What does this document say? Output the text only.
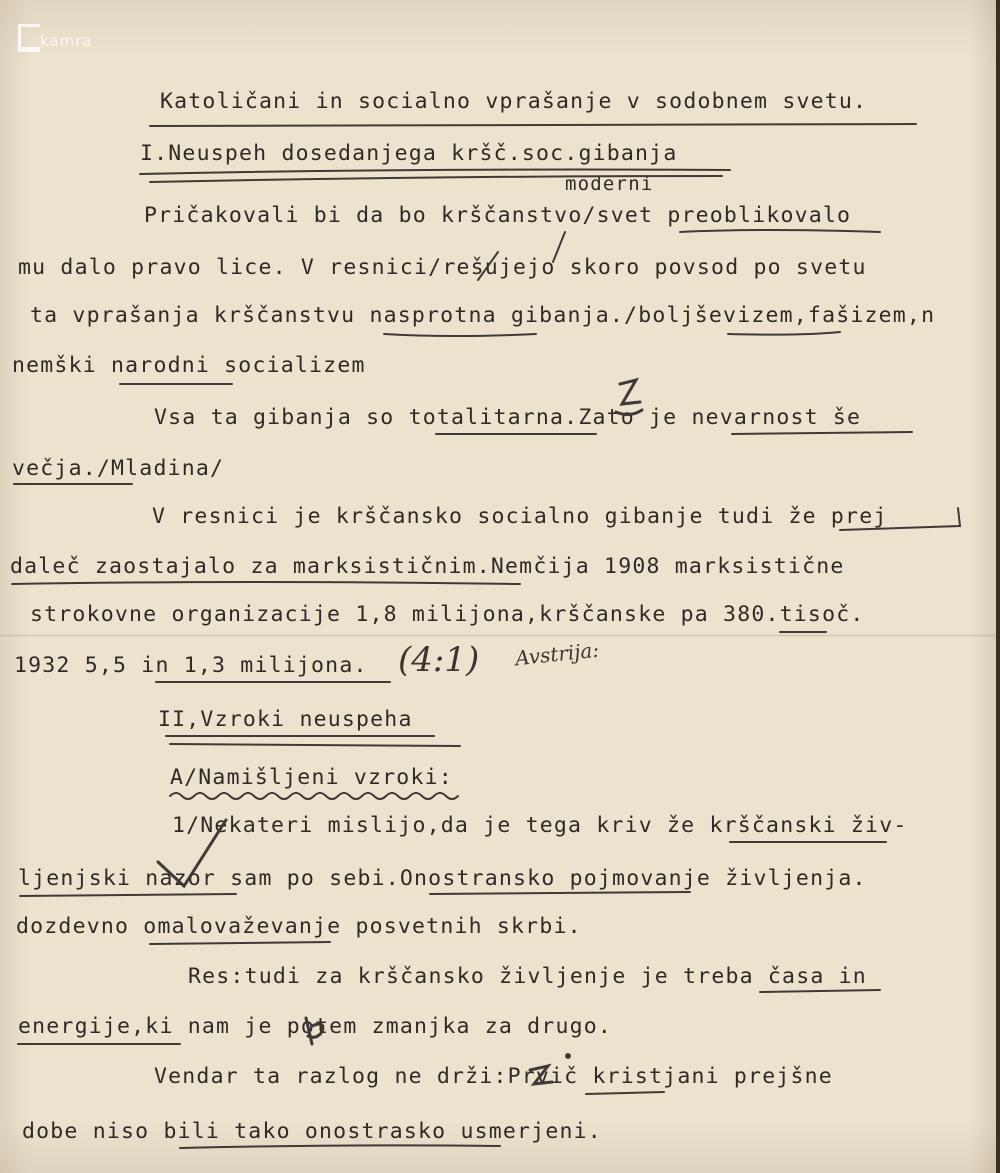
kamra
Katoličani in socialno vprašanje v sodobnem svetu.
I.Neuspeh dosedanjega kršč.soc.gibanja
moderni
Pričakovali bi da bo krščanstvo/svet preoblikovalo
mu dalo pravo lice. V resnici/rešujejo skoro povsod po svetu
ta vprašanja krščanstvu nasprotna gibanja./boljševizem,fašizem,n
nemški narodni socializem
Vsa ta gibanja so totalitarna.Zato je nevarnost še
večja./Mladina/
V resnici je krščansko socialno gibanje tudi že prej
daleč zaostajalo za marksističnim.Nemčija 1908 marksistične
strokovne organizacije 1,8 milijona,krščanske pa 380.tisoč.
1932 5,5 in 1,3 milijona. (4:1) Avstrija:
II,Vzroki neuspeha
A/Namišljeni vzroki:
1/Nekateri mislijo,da je tega kriv že krščanski živ-
ljenjski nazor sam po sebi.Onostransko pojmovanje življenja.
dozdevno omalovaževanje posvetnih skrbi.
Res:tudi za krščansko življenje je treba časa in
energije,ki nam je potem zmanjka za drugo.
Vendar ta razlog ne drži:Prvič kristjani prejšne
dobe niso bili tako onostrasko usmerjeni.
